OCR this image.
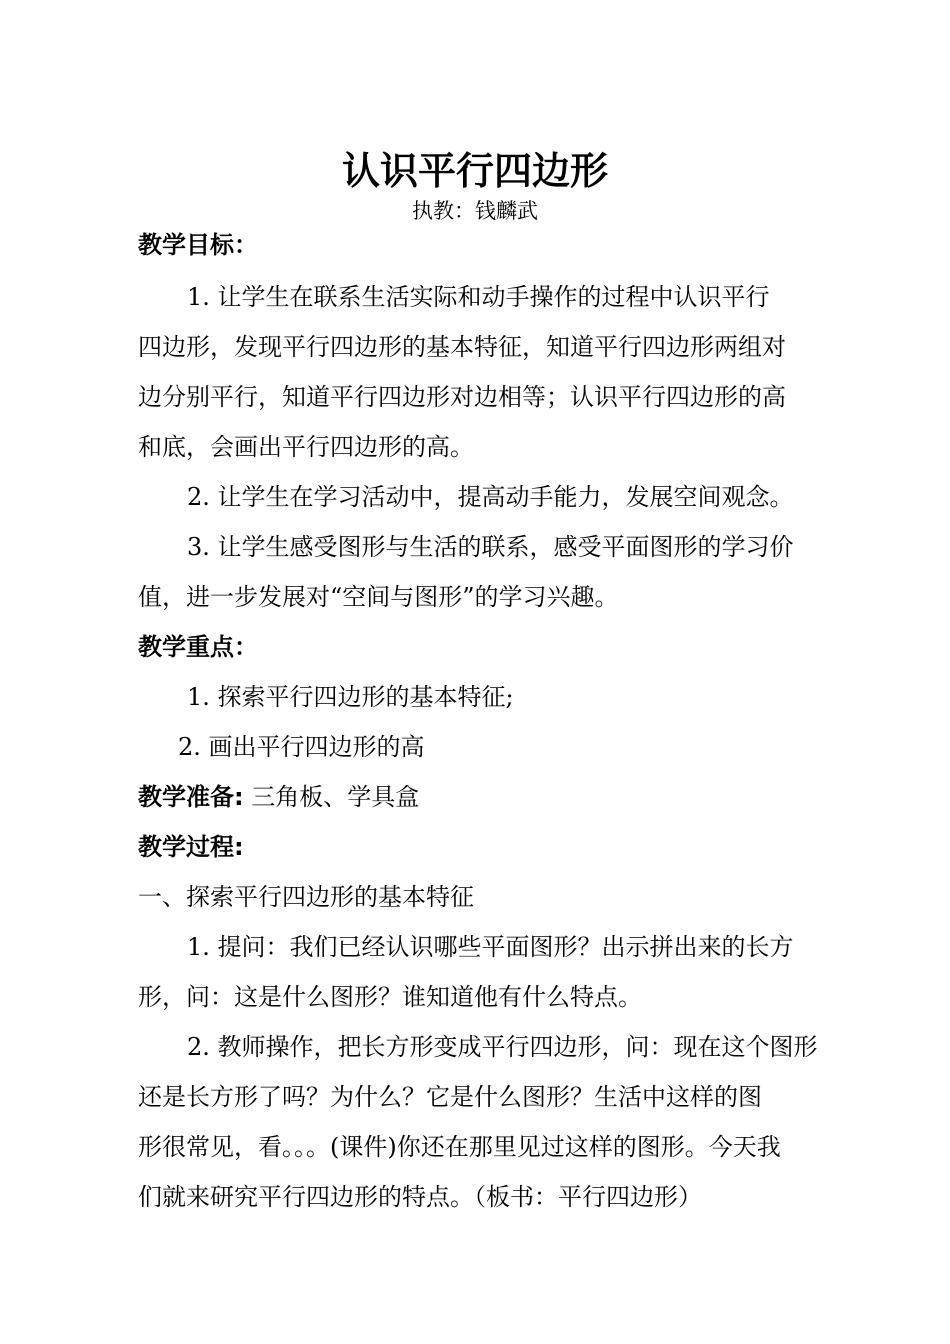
认识平行四边形
执教：钱麟武
教学目标：
1. 让学生在联系生活实际和动手操作的过程中认识平行
四边形，发现平行四边形的基本特征，知道平行四边形两组对
边分别平行，知道平行四边形对边相等；认识平行四边形的高
和底，会画出平行四边形的高。
2. 让学生在学习活动中，提高动手能力，发展空间观念。
3. 让学生感受图形与生活的联系，感受平面图形的学习价
值，进一步发展对“空间与图形”的学习兴趣。
教学重点：
1. 探索平行四边形的基本特征;
2. 画出平行四边形的高
教学准备: 三角板、学具盒
教学过程:
一、探索平行四边形的基本特征
1. 提问：我们已经认识哪些平面图形？出示拼出来的长方
形，问：这是什么图形？谁知道他有什么特点。
2. 教师操作，把长方形变成平行四边形，问：现在这个图形
还是长方形了吗？为什么？它是什么图形？生活中这样的图
形很常见，看。。。(课件)你还在那里见过这样的图形。今天我
们就来研究平行四边形的特点。（板书：平行四边形）
